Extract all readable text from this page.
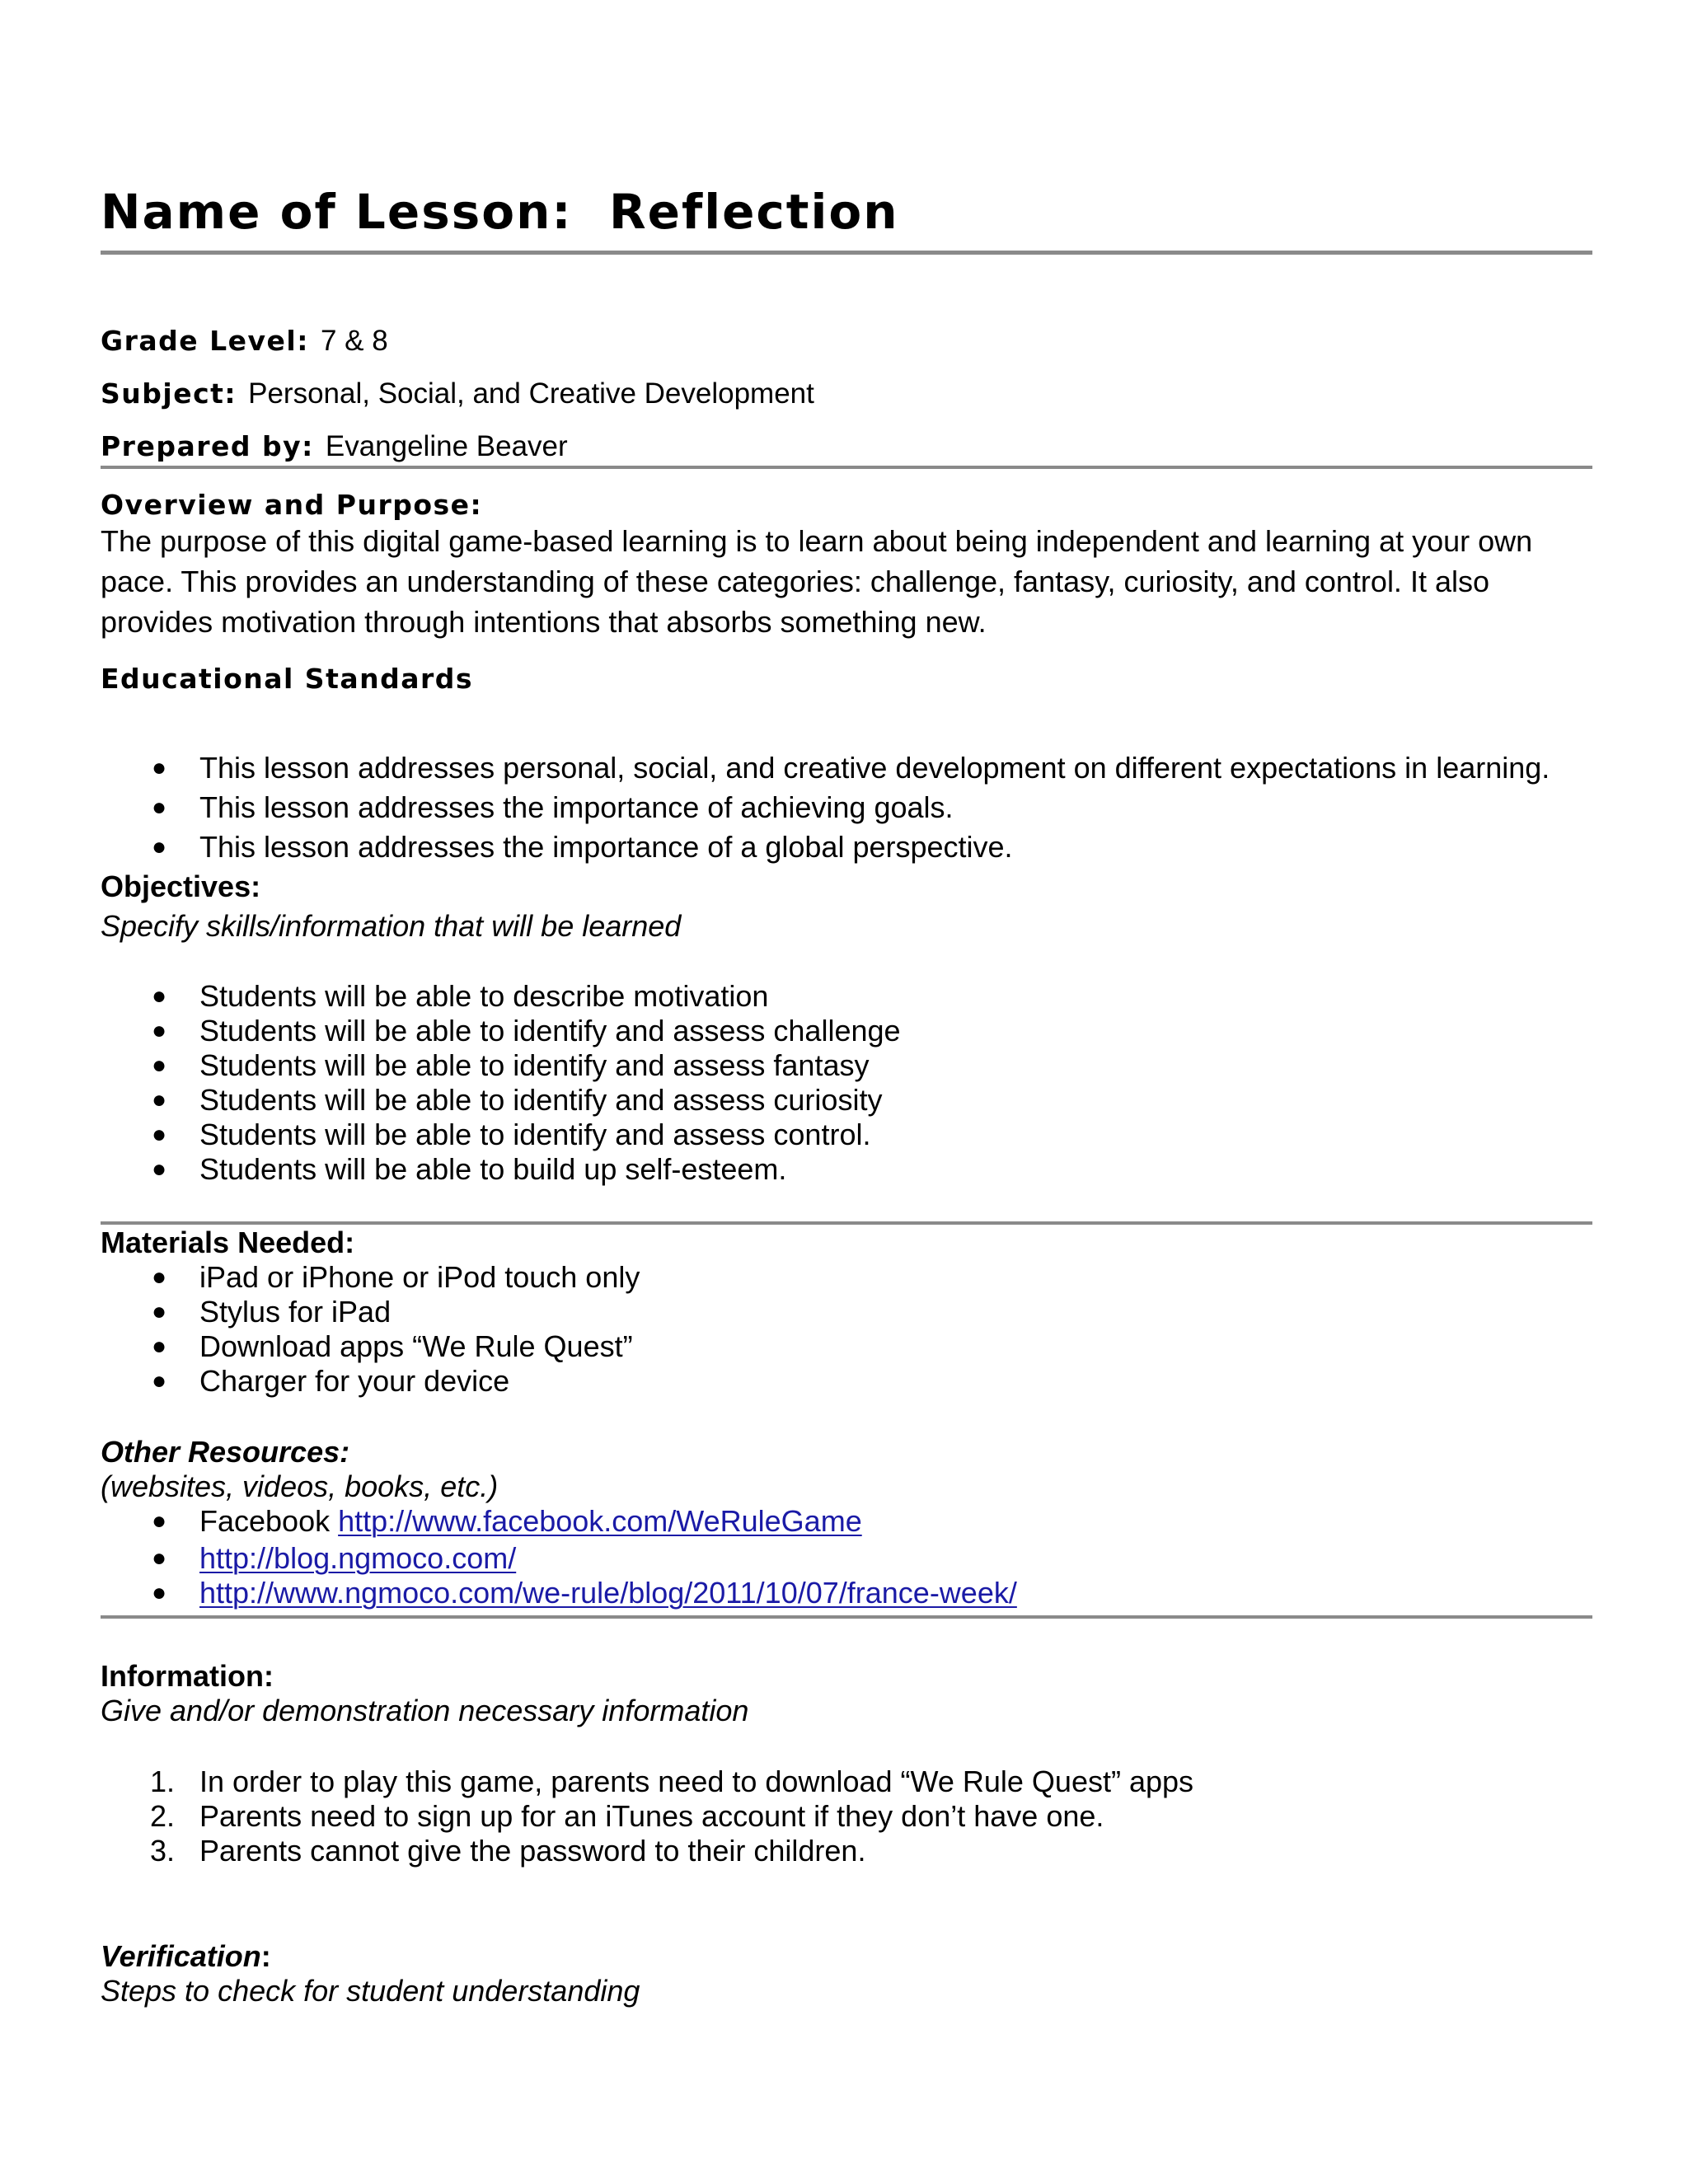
Name of Lesson:  Reflection
Grade Level: 7 & 8
Subject: Personal, Social, and Creative Development
Prepared by: Evangeline Beaver
Overview and Purpose:

The purpose of this digital game-based learning is to learn about being independent and learning at your own pace. This provides an understanding of these categories: challenge, fantasy, curiosity, and control. It also provides motivation through intentions that absorbs something new.

Educational Standards
● This lesson addresses personal, social, and creative development on different expectations in learning.
● This lesson addresses the importance of achieving goals.
● This lesson addresses the importance of a global perspective.
Objectives:
Specify skills/information that will be learned
● Students will be able to describe motivation
● Students will be able to identify and assess challenge
● Students will be able to identify and assess fantasy
● Students will be able to identify and assess curiosity
● Students will be able to identify and assess control.
● Students will be able to build up self-esteem.
Materials Needed:
● iPad or iPhone or iPod touch only
● Stylus for iPad
● Download apps “We Rule Quest”
● Charger for your device
Other Resources:
(websites, videos, books, etc.)
● Facebook http://www.facebook.com/WeRuleGame
● http://blog.ngmoco.com/
● http://www.ngmoco.com/we-rule/blog/2011/10/07/france-week/
Information:
Give and/or demonstration necessary information
1. In order to play this game, parents need to download “We Rule Quest” apps
2. Parents need to sign up for an iTunes account if they don’t have one.
3. Parents cannot give the password to their children.
Verification:
Steps to check for student understanding
